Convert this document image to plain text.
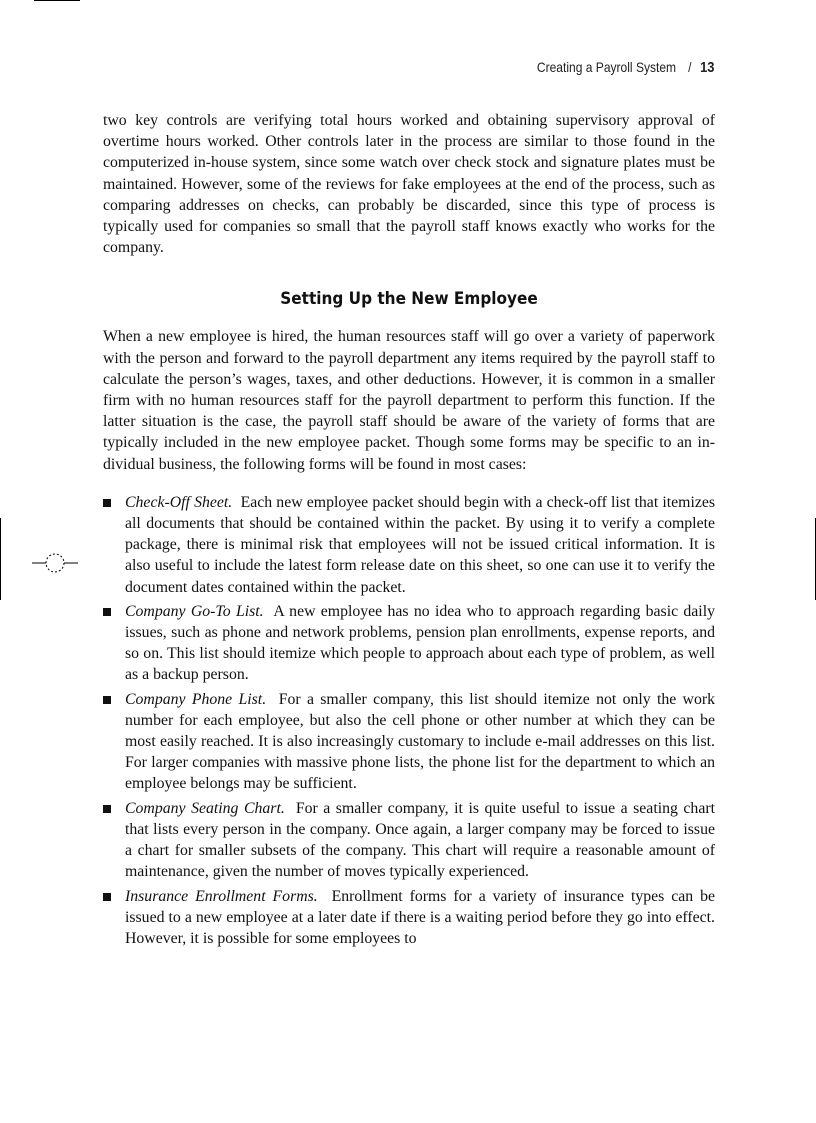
Creating a Payroll System / 13

two key controls are verifying total hours worked and obtaining supervisory approval of overtime hours worked. Other controls later in the process are similar to those found in the computerized in-house system, since some watch over check stock and signature plates must be maintained. However, some of the reviews for fake employees at the end of the process, such as comparing addresses on checks, can probably be discarded, since this type of process is typically used for companies so small that the payroll staff knows exactly who works for the company.

Setting Up the New Employee

When a new employee is hired, the human resources staff will go over a variety of paperwork with the person and forward to the payroll department any items required by the payroll staff to calculate the person’s wages, taxes, and other deductions. However, it is common in a smaller firm with no human resources staff for the payroll department to perform this function. If the latter situation is the case, the payroll staff should be aware of the variety of forms that are typically included in the new employee packet. Though some forms may be specific to an individual business, the following forms will be found in most cases:

Check-Off Sheet. Each new employee packet should begin with a check-off list that itemizes all documents that should be contained within the packet. By using it to verify a complete package, there is minimal risk that employees will not be issued critical information. It is also useful to include the latest form release date on this sheet, so one can use it to verify the document dates contained within the packet.
Company Go-To List. A new employee has no idea who to approach regarding basic daily issues, such as phone and network problems, pension plan enrollments, expense reports, and so on. This list should itemize which people to approach about each type of problem, as well as a backup person.
Company Phone List. For a smaller company, this list should itemize not only the work number for each employee, but also the cell phone or other number at which they can be most easily reached. It is also increasingly customary to include e-mail addresses on this list. For larger companies with massive phone lists, the phone list for the department to which an employee belongs may be sufficient.
Company Seating Chart. For a smaller company, it is quite useful to issue a seating chart that lists every person in the company. Once again, a larger company may be forced to issue a chart for smaller subsets of the company. This chart will require a reasonable amount of maintenance, given the number of moves typically experienced.
Insurance Enrollment Forms. Enrollment forms for a variety of insurance types can be issued to a new employee at a later date if there is a waiting period before they go into effect. However, it is possible for some employees to
